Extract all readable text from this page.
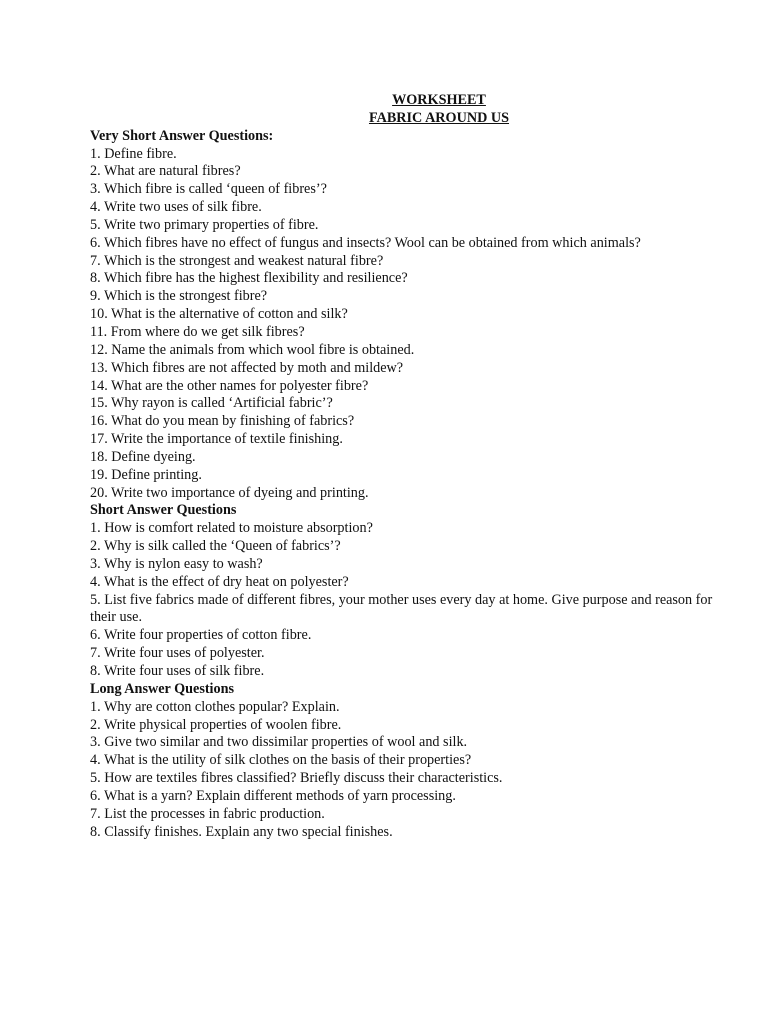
WORKSHEET

FABRIC AROUND US

Very Short Answer Questions:

1. Define fibre.

2. What are natural fibres?

3. Which fibre is called ‘queen of fibres’?

4. Write two uses of silk fibre.

5. Write two primary properties of fibre.

6. Which fibres have no effect of fungus and insects? Wool can be obtained from which animals?

7. Which is the strongest and weakest natural fibre?

8. Which fibre has the highest flexibility and resilience?

9. Which is the strongest fibre?

10. What is the alternative of cotton and silk?

11. From where do we get silk fibres?

12. Name the animals from which wool fibre is obtained.

13. Which fibres are not affected by moth and mildew?

14. What are the other names for polyester fibre?

15. Why rayon is called ‘Artificial fabric’?

16. What do you mean by finishing of fabrics?

17. Write the importance of textile finishing.

18. Define dyeing.

19. Define printing.

20. Write two importance of dyeing and printing.

Short Answer Questions

1. How is comfort related to moisture absorption?

2. Why is silk called the ‘Queen of fabrics’?

3. Why is nylon easy to wash?

4. What is the effect of dry heat on polyester?

5. List five fabrics made of different fibres, your mother uses every day at home. Give purpose and reason for their use.

6. Write four properties of cotton fibre.

7. Write four uses of polyester.

8. Write four uses of silk fibre.

Long Answer Questions

1. Why are cotton clothes popular? Explain.

2. Write physical properties of woolen fibre.

3. Give two similar and two dissimilar properties of wool and silk.

4. What is the utility of silk clothes on the basis of their properties?

5. How are textiles fibres classified? Briefly discuss their characteristics.

6. What is a yarn? Explain different methods of yarn processing.

7. List the processes in fabric production.

8. Classify finishes. Explain any two special finishes.
